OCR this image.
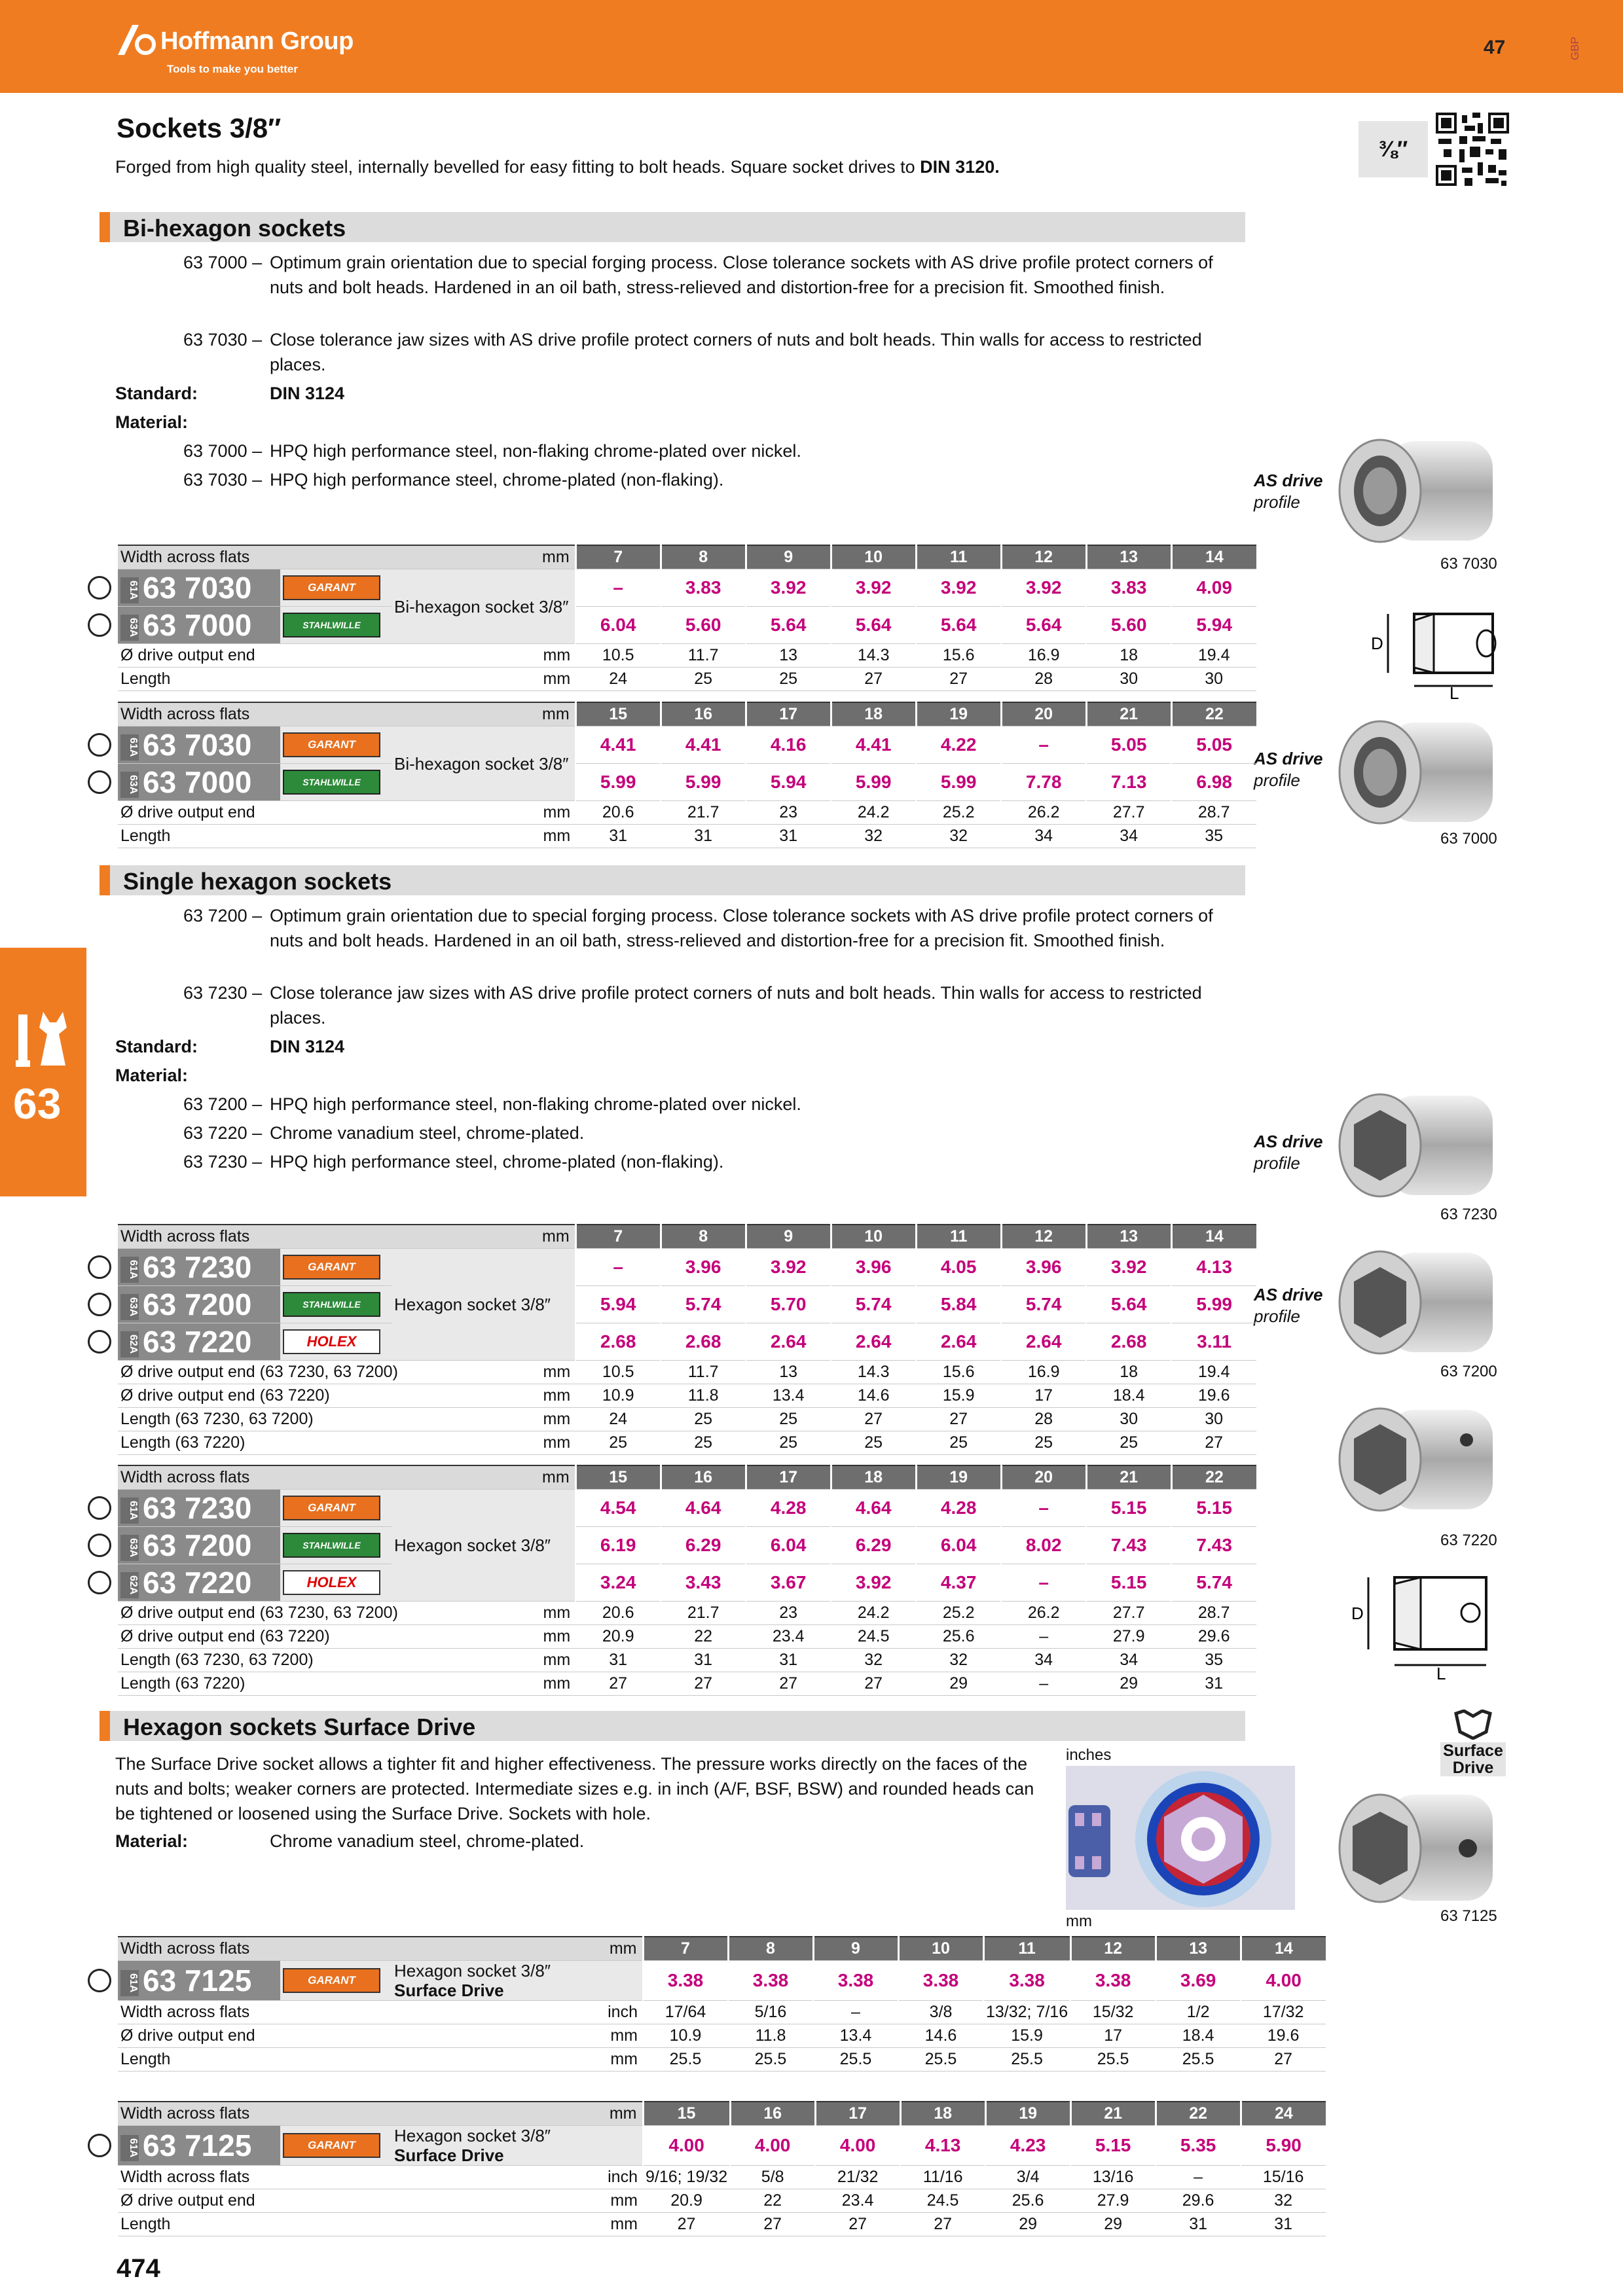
Hoffmann Group
Tools to make you better
47	GBP
Sockets 3/8″
Forged from high quality steel, internally bevelled for easy fitting to bolt heads. Square socket drives to DIN 3120.
⅜″
63
Bi-hexagon sockets
63 7000 – Optimum grain orientation due to special forging process. Close tolerance sockets with AS drive profile protect corners of nuts and bolt heads. Hardened in an oil bath, stress-relieved and distortion-free for a precision fit. Smoothed finish.
63 7030 – Close tolerance jaw sizes with AS drive profile protect corners of nuts and bolt heads. Thin walls for access to restricted places.
Standard:	DIN 3124
Material:
63 7000 – HPQ high performance steel, non-flaking chrome-plated over nickel.
63 7030 – HPQ high performance steel, chrome-plated (non-flaking).
Single hexagon sockets
63 7200 – Optimum grain orientation due to special forging process. Close tolerance sockets with AS drive profile protect corners of nuts and bolt heads. Hardened in an oil bath, stress-relieved and distortion-free for a precision fit. Smoothed finish.
63 7230 – Close tolerance jaw sizes with AS drive profile protect corners of nuts and bolt heads. Thin walls for access to restricted places.
Standard:	DIN 3124
Material:
63 7200 – HPQ high performance steel, non-flaking chrome-plated over nickel.
63 7220 – Chrome vanadium steel, chrome-plated.
63 7230 – HPQ high performance steel, chrome-plated (non-flaking).
Hexagon sockets Surface Drive
The Surface Drive socket allows a tighter fit and higher effectiveness. The pressure works directly on the faces of the nuts and bolts; weaker corners are protected. Intermediate sizes e.g. in inch (A/F, BSF, BSW) and rounded heads can be tightened or loosened using the Surface Drive. Sockets with hole.
Material:	Chrome vanadium steel, chrome-plated.
inches
mm
Surface Drive
AS drive
profile
AS drive
profile
AS drive
profile
AS drive
profile
63 7030
D
L
63 7000
63 7230
63 7200
63 7220
D
L
63 7125
Width across flats			mm	7	8	9	10	11	12	13	14
61A 63 7030	GARANT	Bi-hexagon socket 3/8″		–	3.83	3.92	3.92	3.92	3.92	3.83	4.09
63A 63 7000	STAHLWILLE			6.04	5.60	5.64	5.64	5.64	5.64	5.60	5.94
Ø drive output end			mm	10.5	11.7	13	14.3	15.6	16.9	18	19.4
Length			mm	24	25	25	27	27	28	30	30
Width across flats			mm	15	16	17	18	19	20	21	22
61A 63 7030	GARANT	Bi-hexagon socket 3/8″		4.41	4.41	4.16	4.41	4.22	–	5.05	5.05
63A 63 7000	STAHLWILLE			5.99	5.99	5.94	5.99	5.99	7.78	7.13	6.98
Ø drive output end			mm	20.6	21.7	23	24.2	25.2	26.2	27.7	28.7
Length			mm	31	31	31	32	32	34	34	35
Width across flats			mm	7	8	9	10	11	12	13	14
61A 63 7230	GARANT	Hexagon socket 3/8″		–	3.96	3.92	3.96	4.05	3.96	3.92	4.13
63A 63 7200	STAHLWILLE			5.94	5.74	5.70	5.74	5.84	5.74	5.64	5.99
62A 63 7220	HOLEX			2.68	2.68	2.64	2.64	2.64	2.64	2.68	3.11
Ø drive output end (63 7230, 63 7200)			mm	10.5	11.7	13	14.3	15.6	16.9	18	19.4
Ø drive output end (63 7220)			mm	10.9	11.8	13.4	14.6	15.9	17	18.4	19.6
Length (63 7230, 63 7200)			mm	24	25	25	27	27	28	30	30
Length (63 7220)			mm	25	25	25	25	25	25	25	27
Width across flats			mm	15	16	17	18	19	20	21	22
61A 63 7230	GARANT	Hexagon socket 3/8″		4.54	4.64	4.28	4.64	4.28	–	5.15	5.15
63A 63 7200	STAHLWILLE			6.19	6.29	6.04	6.29	6.04	8.02	7.43	7.43
62A 63 7220	HOLEX			3.24	3.43	3.67	3.92	4.37	–	5.15	5.74
Ø drive output end (63 7230, 63 7200)			mm	20.6	21.7	23	24.2	25.2	26.2	27.7	28.7
Ø drive output end (63 7220)			mm	20.9	22	23.4	24.5	25.6	–	27.9	29.6
Length (63 7230, 63 7200)			mm	31	31	31	32	32	34	34	35
Length (63 7220)			mm	27	27	27	27	29	–	29	31
Width across flats			mm	7	8	9	10	11	12	13	14
61A 63 7125	GARANT	Hexagon socket 3/8″
Surface Drive		3.38	3.38	3.38	3.38	3.38	3.38	3.69	4.00
Width across flats			inch	17/64	5/16	–	3/8	13/32; 7/16	15/32	1/2	17/32
Ø drive output end			mm	10.9	11.8	13.4	14.6	15.9	17	18.4	19.6
Length			mm	25.5	25.5	25.5	25.5	25.5	25.5	25.5	27
Width across flats			mm	15	16	17	18	19	21	22	24
61A 63 7125	GARANT	Hexagon socket 3/8″
Surface Drive		4.00	4.00	4.00	4.13	4.23	5.15	5.35	5.90
Width across flats			inch	9/16; 19/32	5/8	21/32	11/16	3/4	13/16	–	15/16
Ø drive output end			mm	20.9	22	23.4	24.5	25.6	27.9	29.6	32
Length			mm	27	27	27	27	29	29	31	31
474
